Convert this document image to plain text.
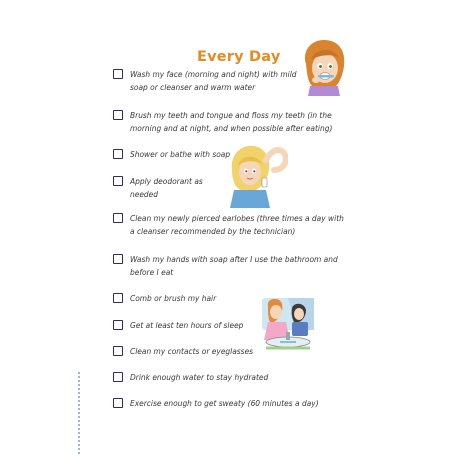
Every Day
Wash my face (morning and night) with mild
soap or cleanser and warm water
Brush my teeth and tongue and floss my teeth (in the
morning and at night, and when possible after eating)
Shower or bathe with soap
Apply deodorant as
needed
Clean my newly pierced earlobes (three times a day with
a cleanser recommended by the technician)
Wash my hands with soap after I use the bathroom and
before I eat
Comb or brush my hair
Get at least ten hours of sleep
Clean my contacts or eyeglasses
Drink enough water to stay hydrated
Exercise enough to get sweaty (60 minutes a day)
